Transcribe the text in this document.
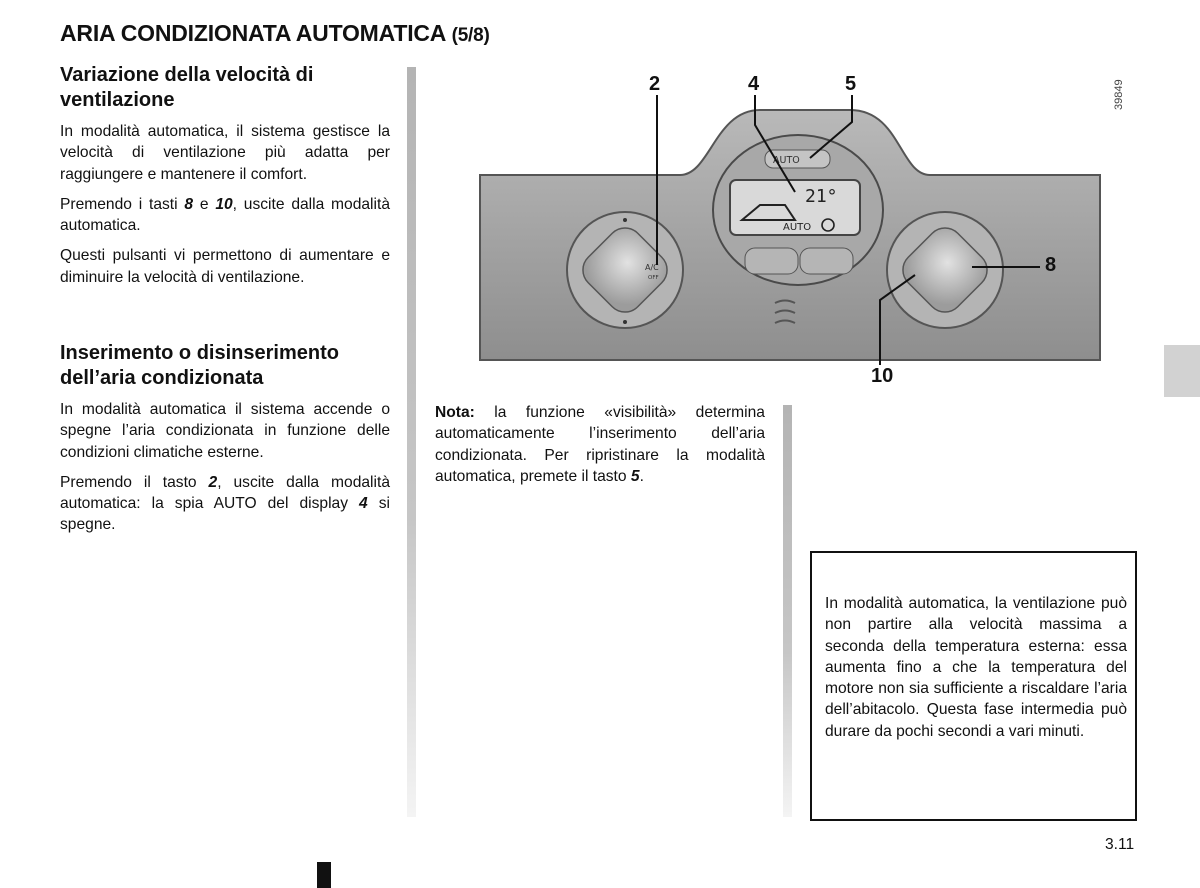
ARIA CONDIZIONATA AUTOMATICA (5/8)
Variazione della velocità di
ventilazione

In modalità automatica, il sistema gestisce la velocità di ventilazione più adatta per raggiungere e mantenere il comfort.

Premendo i tasti 8 e 10, uscite dalla modalità automatica.

Questi pulsanti vi permettono di aumentare e diminuire la velocità di ventilazione.

Inserimento o disinserimento
dell’aria condizionata

In modalità automatica il sistema accende o spegne l’aria condizionata in funzione delle condizioni climatiche esterne.

Premendo il tasto 2, uscite dalla modalità automatica: la spia AUTO del display 4 si spegne.

21°
AUTO
AUTO
A/C
OFF
2	4	5
8
10
39849
Nota: la funzione «visibilità» determina automaticamente l’inserimento dell’aria condizionata. Per ripristinare la modalità automatica, premete il tasto 5.

In modalità automatica, la ventilazione può non partire alla velocità massima a seconda della temperatura esterna: essa aumenta fino a che la temperatura del motore non sia sufficiente a riscaldare l’aria dell’abitacolo. Questa fase intermedia può durare da pochi secondi a vari minuti.

3.11
